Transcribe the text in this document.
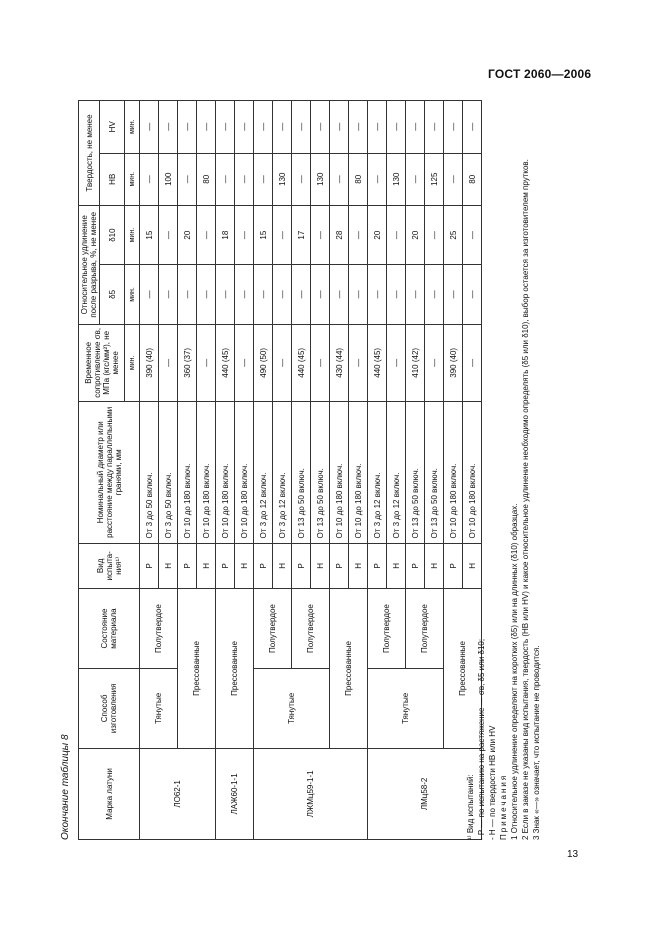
ГОСТ 2060—2006
Окончание таблицы 8	Марка латуни	Способ изготовления	Состояние материала	Вид испыта-ния¹⁾	Номинальный диаметр или расстояние между параллельными гранями, мм	Временное сопротивление σв, МПа (кгс/мм²), не менее	Относительное удлинение после разрыва, %, не менее		Твердость, не менее	
						δ5	δ10	НВ	HV
					мин.	мин.	мин.	мин.	мин.
ЛО62-1	Тянутые	Полутвердое	Р	От 3 до 50 включ.	390 (40)	—	15	—	—
			Н	От 3 до 50 включ.	—	—	—	100	—
	Прессованные		Р	От 10 до 180 включ.	360 (37)	—	20	—	—
			Н	От 10 до 180 включ.	—	—	—	80	—
ЛАЖ60-1-1	Прессованные		Р	От 10 до 180 включ.	440 (45)	—	18	—	—
			Н	От 10 до 180 включ.	—	—	—	—	—
ЛЖМц59-1-1	Тянутые	Полутвердое	Р	От 3 до 12 включ.	490 (50)	—	15	—	—
			Н	От 3 до 12 включ.	—	—	—	130	—
		Полутвердое	Р	От 13 до 50 включ.	440 (45)	—	17	—	—
			Н	От 13 до 50 включ.	—	—	—	130	—
	Прессованные		Р	От 10 до 180 включ.	430 (44)	—	28	—	—
			Н	От 10 до 180 включ.	—	—	—	80	—
ЛМц58-2	Тянутые	Полутвердое	Р	От 3 до 12 включ.	440 (45)	—	20	—	—
			Н	От 3 до 12 включ.	—	—	—	130	—
		Полутвердое	Р	От 13 до 50 включ.	410 (42)	—	20	—	—
			Н	От 13 до 50 включ.	—	—	—	125	—
	Прессованные		Р	От 10 до 180 включ.	390 (40)	—	25	—	—
			Н	От 10 до 180 включ.	—	—	—	80	—

¹⁾ Вид испытаний: - Р — по испытанию на растяжение — σв, δ5 или δ10; - Н — по твердости НВ или HV Примечания 1 Относительное удлинение определяют на коротких (δ5) или на длинных (δ10) образцах. 2 Если в заказе не указаны вид испытания, твердость (НВ или HV) и какое относительное удлинение необходимо определять (δ5 или δ10), выбор остается за изготовителем прутков. 3 Знак «—» означает, что испытание не проводится.

13
